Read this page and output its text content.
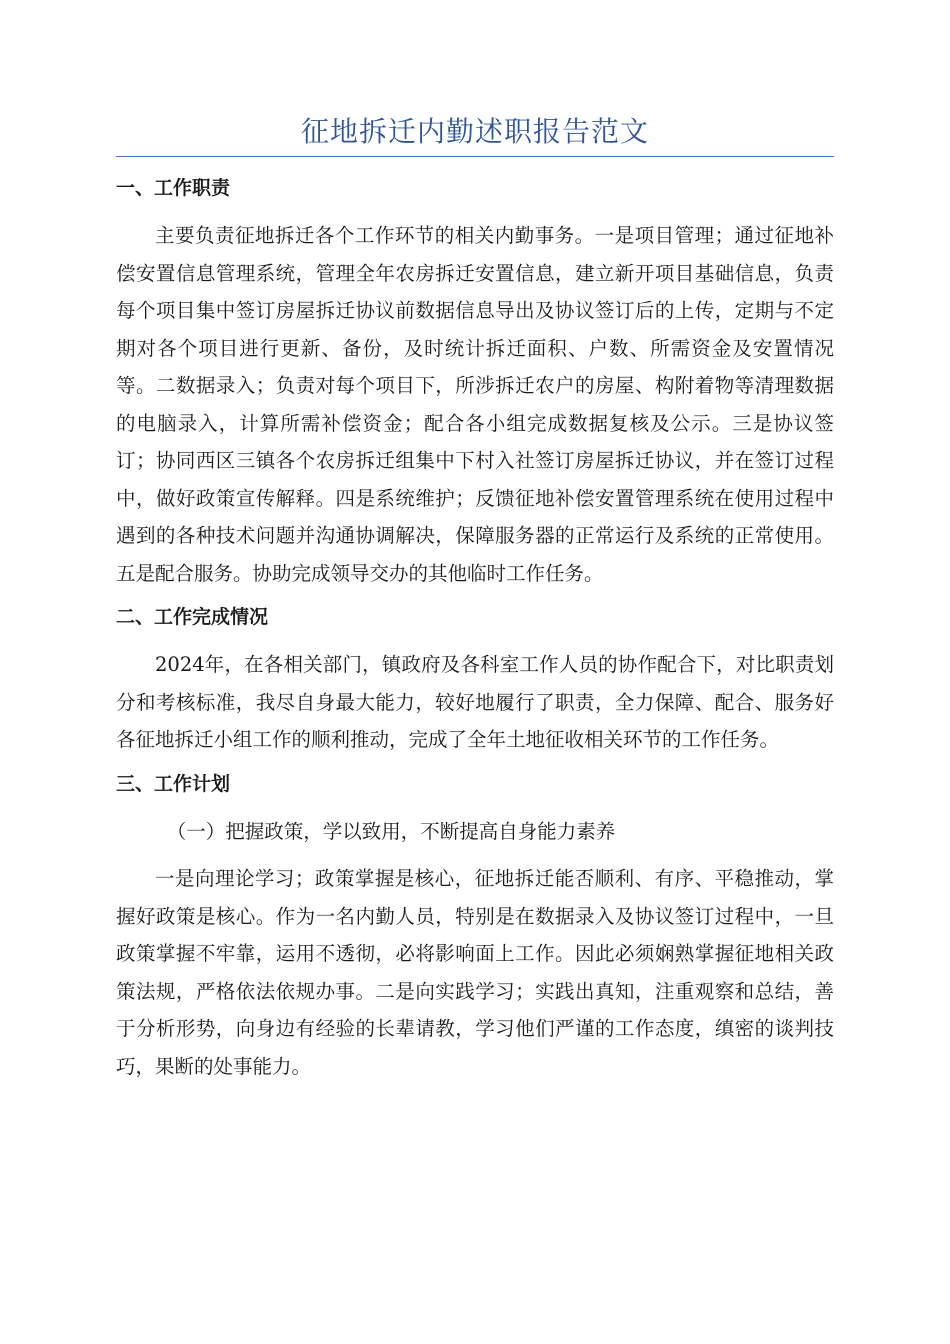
征地拆迁内勤述职报告范文
一、工作职责

主要负责征地拆迁各个工作环节的相关内勤事务。一是项目管理；通过征地补偿安置信息管理系统，管理全年农房拆迁安置信息，建立新开项目基础信息，负责每个项目集中签订房屋拆迁协议前数据信息导出及协议签订后的上传，定期与不定期对各个项目进行更新、备份，及时统计拆迁面积、户数、所需资金及安置情况等。二数据录入；负责对每个项目下，所涉拆迁农户的房屋、构附着物等清理数据的电脑录入，计算所需补偿资金；配合各小组完成数据复核及公示。三是协议签订；协同西区三镇各个农房拆迁组集中下村入社签订房屋拆迁协议，并在签订过程中，做好政策宣传解释。四是系统维护；反馈征地补偿安置管理系统在使用过程中遇到的各种技术问题并沟通协调解决，保障服务器的正常运行及系统的正常使用。五是配合服务。协助完成领导交办的其他临时工作任务。

二、工作完成情况

2024年，在各相关部门，镇政府及各科室工作人员的协作配合下，对比职责划分和考核标准，我尽自身最大能力，较好地履行了职责，全力保障、配合、服务好各征地拆迁小组工作的顺利推动，完成了全年土地征收相关环节的工作任务。

三、工作计划

（一）把握政策，学以致用，不断提高自身能力素养

一是向理论学习；政策掌握是核心，征地拆迁能否顺利、有序、平稳推动，掌握好政策是核心。作为一名内勤人员，特别是在数据录入及协议签订过程中，一旦政策掌握不牢靠，运用不透彻，必将影响面上工作。因此必须娴熟掌握征地相关政策法规，严格依法依规办事。二是向实践学习；实践出真知，注重观察和总结，善于分析形势，向身边有经验的长辈请教，学习他们严谨的工作态度，缜密的谈判技巧，果断的处事能力。
